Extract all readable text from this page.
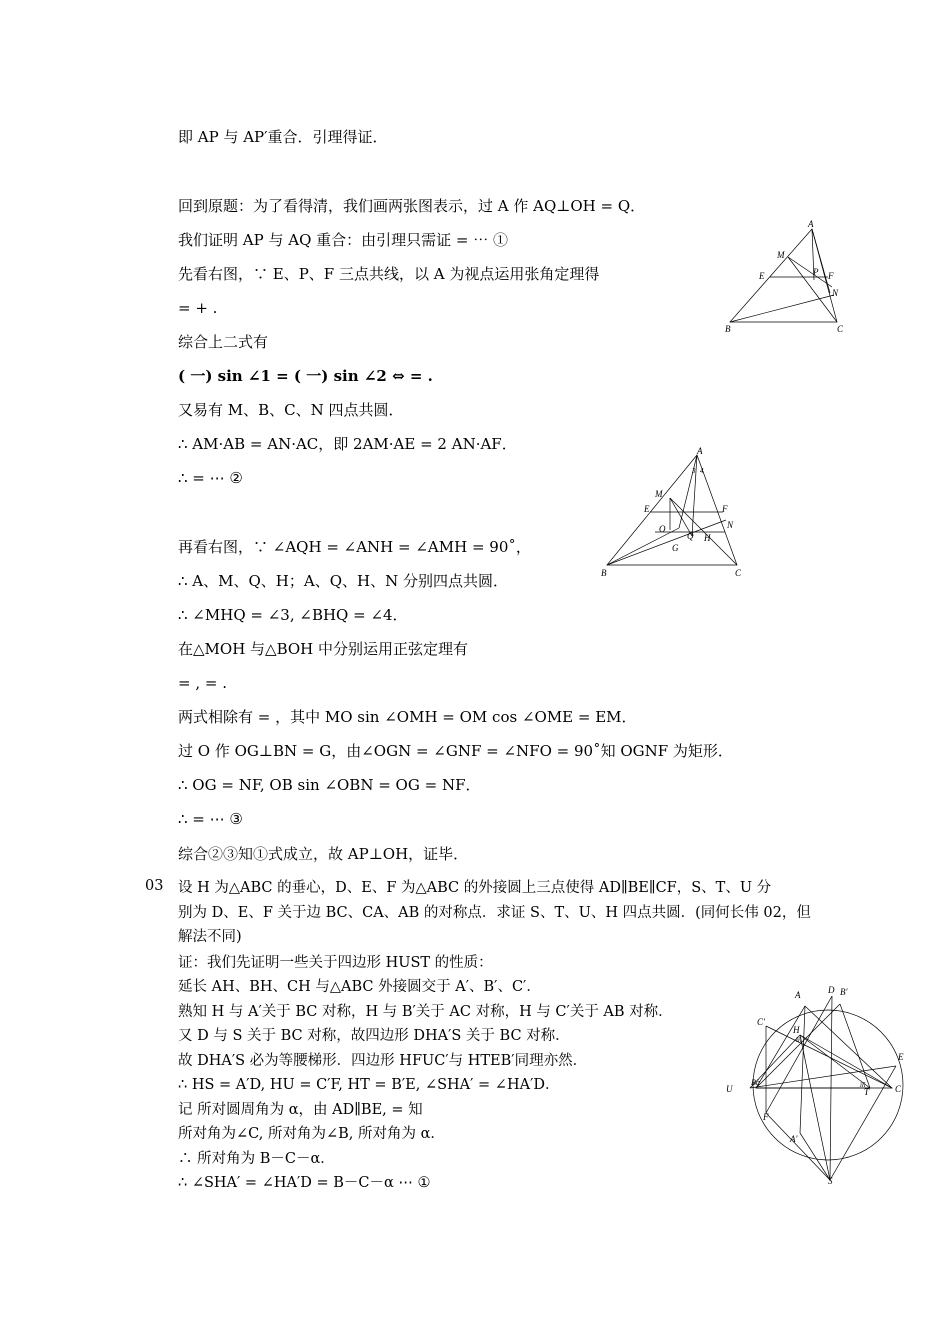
即 AP 与 AP′重合．引理得证．
回到原题：为了看得清，我们画两张图表示，过 A 作 AQ⊥OH = Q．
我们证明 AP 与 AQ 重合：由引理只需证 = ⋯ ①
先看右图，∵ E、P、F 三点共线，以 A 为视点运用张角定理得
= + .
综合上二式有
( 一) sin ∠1 = ( 一) sin ∠2 ⇔ = .
又易有 M、B、C、N 四点共圆．
∴ AM·AB = AN·AC，即 2AM·AE = 2 AN·AF．
∴ = ⋯ ②
再看右图，∵ ∠AQH = ∠ANH = ∠AMH = 90˚，
∴ A、M、Q、H；A、Q、H、N 分别四点共圆．
∴ ∠MHQ = ∠3, ∠BHQ = ∠4．
在△MOH 与△BOH 中分别运用正弦定理有
= , = .
两式相除有 = ，其中 MO sin ∠OMH = OM cos ∠OME = EM．
过 O 作 OG⊥BN = G，由∠OGN = ∠GNF = ∠NFO = 90˚知 OGNF 为矩形．
∴ OG = NF, OB sin ∠OBN = OG = NF．
∴ = ⋯ ③
综合②③知①式成立，故 AP⊥OH，证毕．
03 设 H 为△ABC 的垂心，D、E、F 为△ABC 的外接圆上三点使得 AD∥BE∥CF，S、T、U 分
别为 D、E、F 关于边 BC、CA、AB 的对称点．求证 S、T、U、H 四点共圆．(同何长伟 02，但
解法不同)
证：我们先证明一些关于四边形 HUST 的性质：
延长 AH、BH、CH 与△ABC 外接圆交于 A′、B′、C′．
熟知 H 与 A′关于 BC 对称，H 与 B′关于 AC 对称，H 与 C′关于 AB 对称．
又 D 与 S 关于 BC 对称，故四边形 DHA′S 关于 BC 对称．
故 DHA′S 必为等腰梯形．四边形 HFUC′与 HTEB′同理亦然．
∴ HS = A′D, HU = C′F, HT = B′E, ∠SHA′ = ∠HA′D．
记 所对圆周角为 α，由 AD∥BE, = 知
所对角为∠C, 所对角为∠B, 所对角为 α．
∴ 所对角为 B－C－α．
∴ ∠SHA′ = ∠HA′D = B－C－α ⋯ ①
A
M
E	P F
N
B	C
A
3 4
M
E	F
N
O
Q H
G
B	C
A	D B′
C′
H
ìñ
E
U
Bà	ìñ
T	C
F
A′
S
